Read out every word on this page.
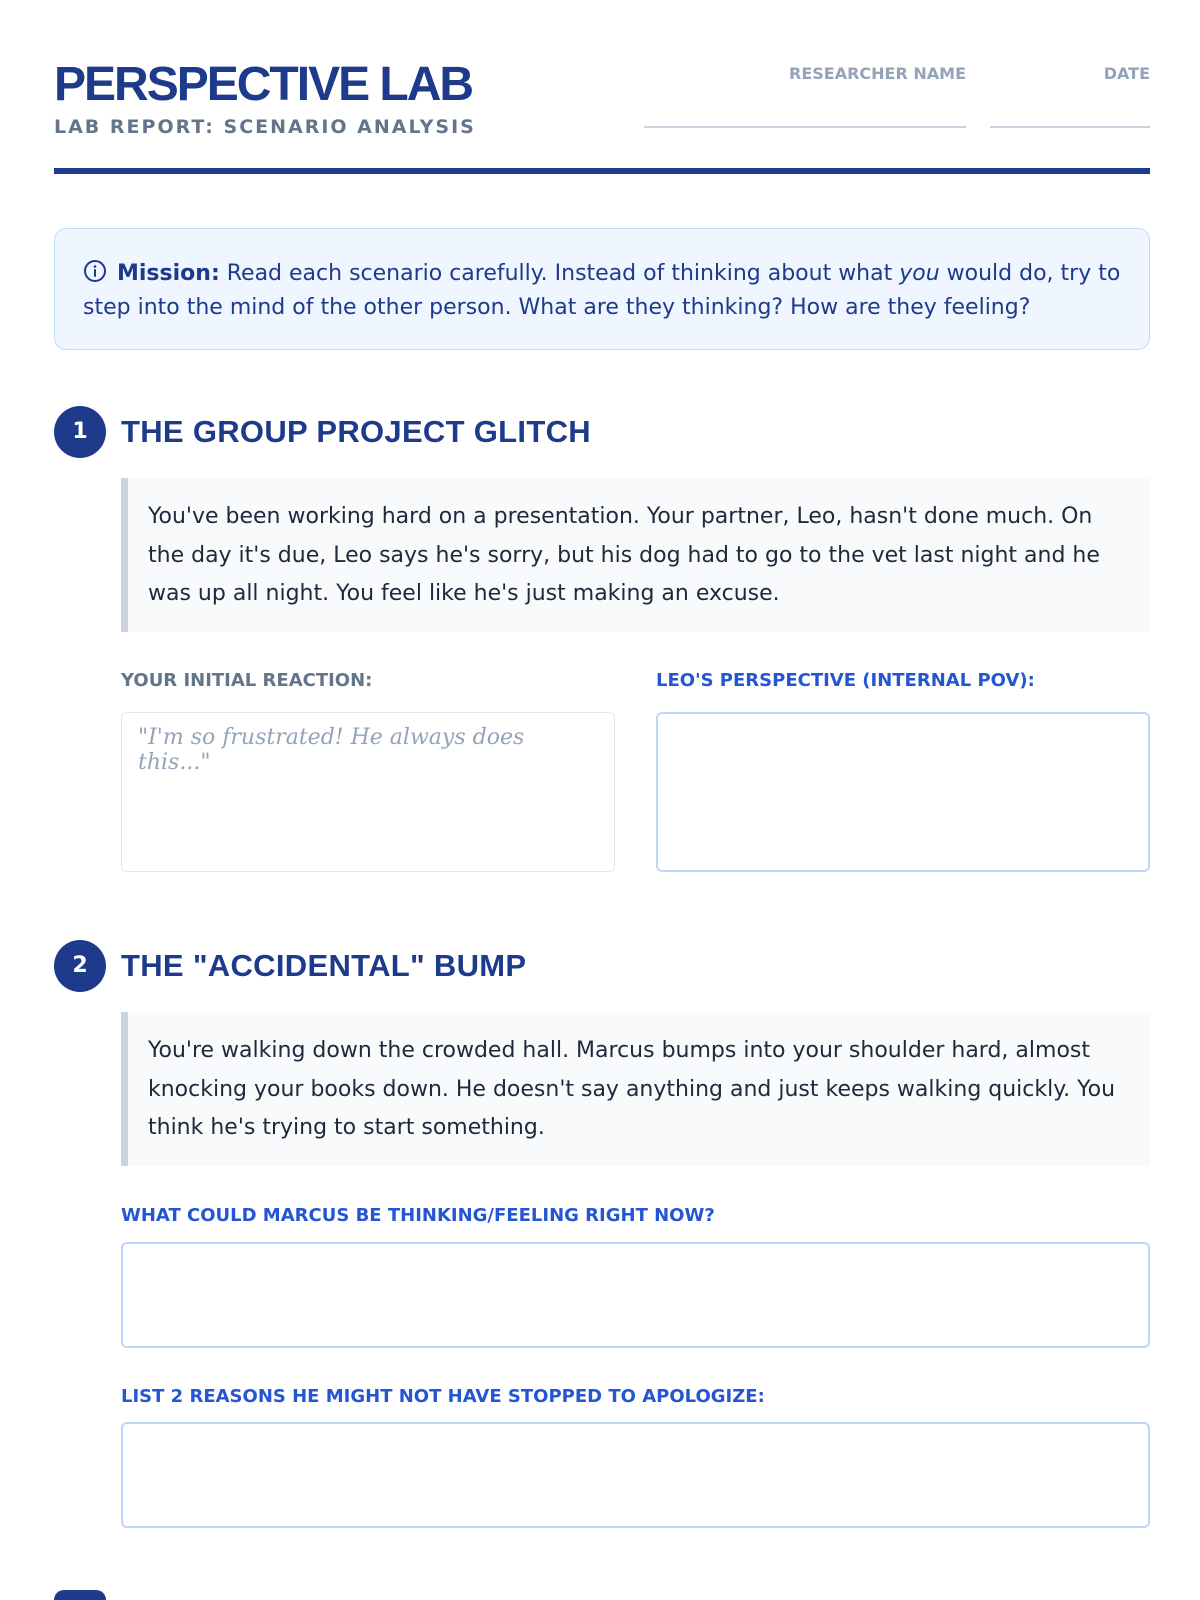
PERSPECTIVE LAB
LAB REPORT: SCENARIO ANALYSIS
RESEARCHER NAME	DATE
Mission: Read each scenario carefully. Instead of thinking about what you would do, try to step into the mind of the other person. What are they thinking? How are they feeling?
1	THE GROUP PROJECT GLITCH
You've been working hard on a presentation. Your partner, Leo, hasn't done much. On the day it's due, Leo says he's sorry, but his dog had to go to the vet last night and he was up all night. You feel like he's just making an excuse.
YOUR INITIAL REACTION:
"I'm so frustrated! He always does this..."
LEO'S PERSPECTIVE (INTERNAL POV):
2	THE "ACCIDENTAL" BUMP
You're walking down the crowded hall. Marcus bumps into your shoulder hard, almost knocking your books down. He doesn't say anything and just keeps walking quickly. You think he's trying to start something.
WHAT COULD MARCUS BE THINKING/FEELING RIGHT NOW?
LIST 2 REASONS HE MIGHT NOT HAVE STOPPED TO APOLOGIZE:
